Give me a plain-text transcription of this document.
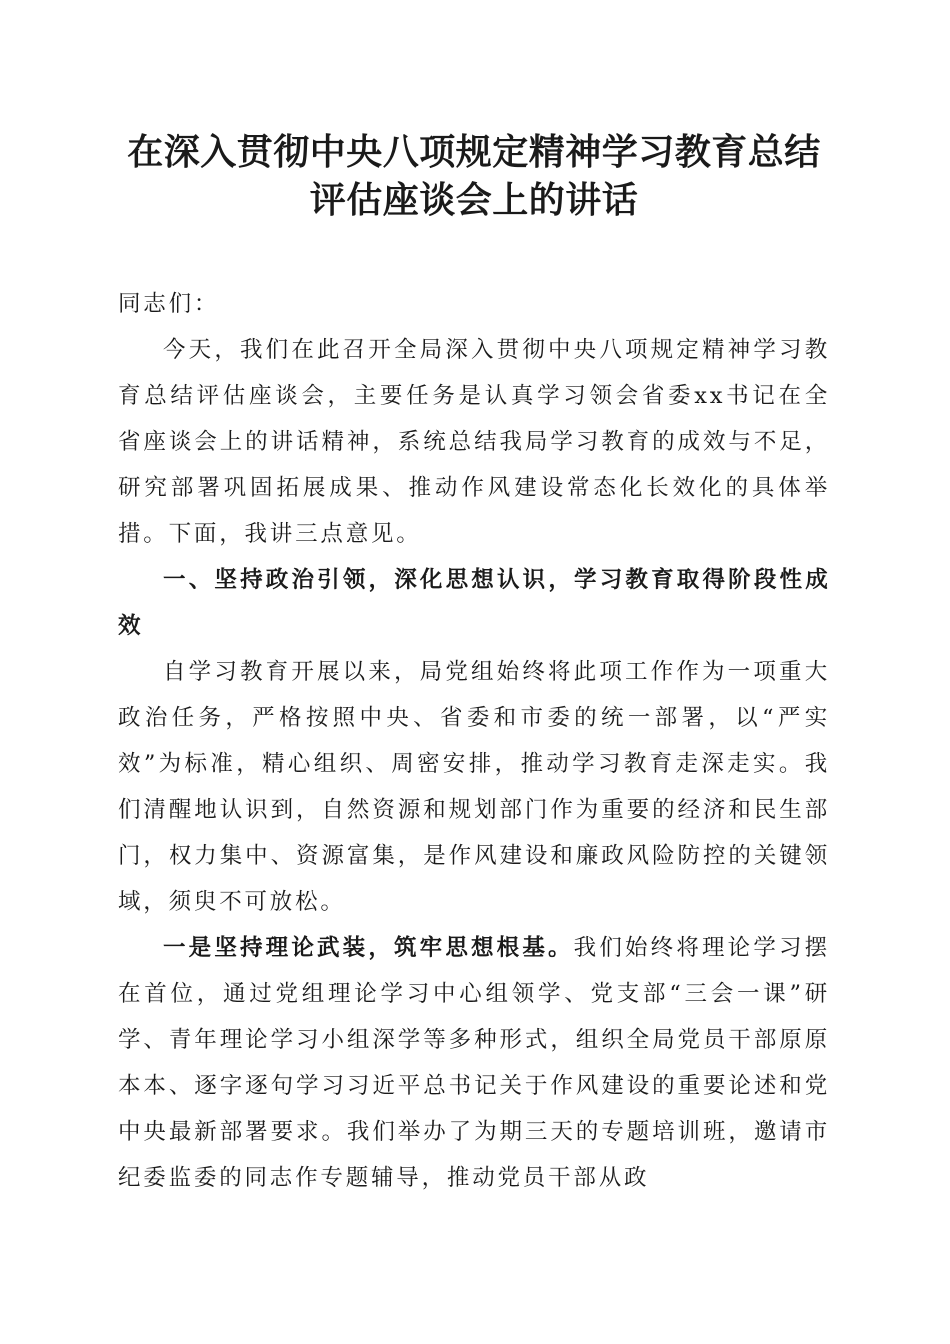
在深入贯彻中央八项规定精神学习教育总结评估座谈会上的讲话

同志们：

今天，我们在此召开全局深入贯彻中央八项规定精神学习教育总结评估座谈会，主要任务是认真学习领会省委xx书记在全省座谈会上的讲话精神，系统总结我局学习教育的成效与不足，研究部署巩固拓展成果、推动作风建设常态化长效化的具体举措。下面，我讲三点意见。

一、坚持政治引领，深化思想认识，学习教育取得阶段性成效

自学习教育开展以来，局党组始终将此项工作作为一项重大政治任务，严格按照中央、省委和市委的统一部署，以“严实效”为标准，精心组织、周密安排，推动学习教育走深走实。我们清醒地认识到，自然资源和规划部门作为重要的经济和民生部门，权力集中、资源富集，是作风建设和廉政风险防控的关键领域，须臾不可放松。

一是坚持理论武装，筑牢思想根基。我们始终将理论学习摆在首位，通过党组理论学习中心组领学、党支部“三会一课”研学、青年理论学习小组深学等多种形式，组织全局党员干部原原本本、逐字逐句学习习近平总书记关于作风建设的重要论述和党中央最新部署要求。我们举办了为期三天的专题培训班，邀请市纪委监委的同志作专题辅导，推动党员干部从政
